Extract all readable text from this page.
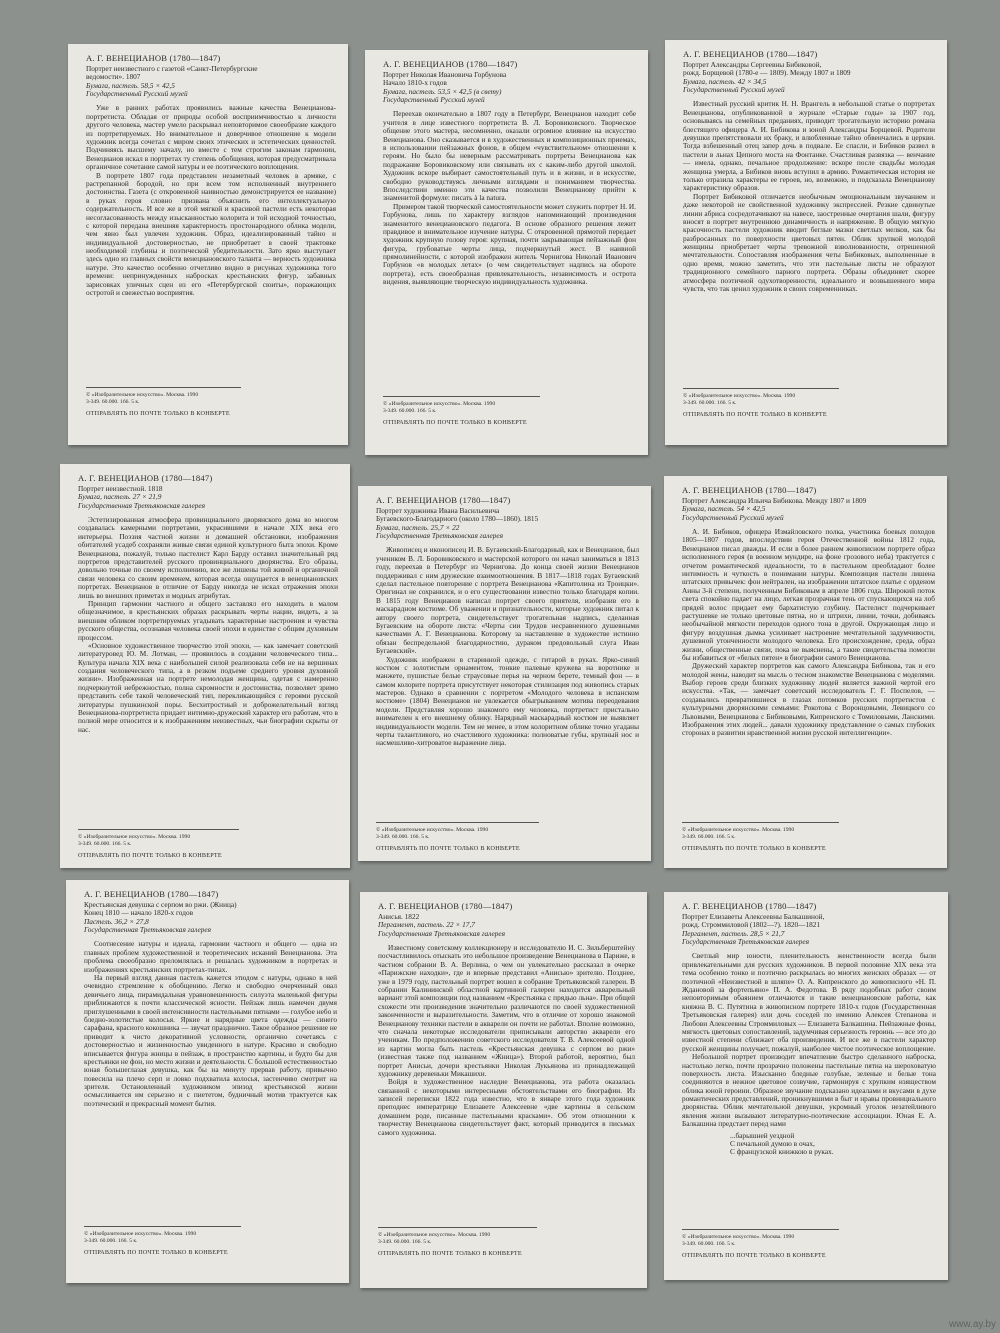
А. Г. ВЕНЕЦИАНОВ (1780—1847)
Портрет неизвестного с газетой «Санкт-Петербургские
ведомости». 1807
Бумага, пастель. 58,5 × 42,5
Государственный Русский музей

Уже в ранних работах проявились важные качества Венецианова-портретиста. Обладая от природы особой восприимчивостью к личности другого человека, мастер умело раскрывал неповторимое своеобразие каждого из портретируемых. Но внимательное и доверчивое отношение к модели художник всегда сочетал с миром своих этических и эстетических ценностей. Подчиняясь высшему началу, но вместе с тем строгим законам гармонии, Венецианов искал в портретах ту степень обобщения, которая предусматривала органичное сочетание самой натуры и ее поэтического воплощения.

В портрете 1807 года представлен незаметный человек в армяке, с растрепанной бородой, но при всем том исполненный внутреннего достоинства. Газета (с откровенной наивностью демонстрируется ее название) в руках героя словно призвана объяснить его интеллектуальную содержательность. И все же в этой мягкой и красивой пастели есть некоторая несогласованность между изысканностью колорита и той исходной точностью, с которой передана внешняя характерность простонародного облика модели, чем явно был увлечен художник. Образ, идеализированный тайно и индивидуальной достоверностью, не приобретает в своей трактовке необходимой глубины и поэтической убедительности. Зато ярко выступает здесь одно из главных свойств венециановского таланта — верность художника натуре. Это качество особенно отчетливо видно в рисунках художника того времени: непринужденных набросках крестьянских фигур, забавных зарисовках уличных сцен из его «Петербургской сюиты», поражающих остротой и свежестью восприятия.

© «Изобразительное искусство». Москва. 1990
3-349. 60.000. 166. 5 к.
ОТПРАВЛЯТЬ ПО ПОЧТЕ ТОЛЬКО В КОНВЕРТЕ
А. Г. ВЕНЕЦИАНОВ (1780—1847)
Портрет Николая Ивановича Горбунова
Начало 1810-х годов
Бумага, пастель. 53,5 × 42,5 (в свету)
Государственный Русский музей

Переехав окончательно в 1807 году в Петербург, Венецианов находит себе учителя в лице известного портретиста В. Л. Боровиковского. Творческое общение этого мастера, несомненно, оказали огромное влияние на искусство Венецианова. Оно сказывается и в художественных и композиционных приемах, в использовании пейзажных фонов, в общем «чувствительном» отношении к героям. Но было бы неверным рассматривать портреты Венецианова как подражание Боровиковскому или связывать их с каким-либо другой школой. Художник вскоре выбирает самостоятельный путь и в жизни, и в искусстве, свободно руководствуясь личными взглядами и пониманием творчества. Впоследствии именно эти качества позволили Венецианову прийти к знаменитой формуле: писать à la natura.

Примером такой творческой самостоятельности может служить портрет Н. И. Горбунова, лишь по характеру взглядов напоминающий произведения знаменитого венециановского педагога. В основе образного решения лежит правдивое и внимательное изучение натуры. С откровенной прямотой передает художник крупную голову героя: крупная, почти закрывающая пейзажный фон фигура, грубоватые черты лица, подчеркнутый жест. В наивной прямолинейности, с которой изображен житель Чернигова Николай Иванович Горбунов «в молодых летах» (о чем свидетельствует надпись на обороте портрета), есть своеобразная привлекательность, независимость и острота видения, выявляющие творческую индивидуальность художника.

© «Изобразительное искусство». Москва. 1990
3-349. 60.000. 166. 5 к.
ОТПРАВЛЯТЬ ПО ПОЧТЕ ТОЛЬКО В КОНВЕРТЕ
А. Г. ВЕНЕЦИАНОВ (1780—1847)
Портрет Александры Сергеевны Бибиковой,
рожд. Борщевой (1780-е — 1809). Между 1807 и 1809
Бумага, пастель. 42 × 34,5
Государственный Русский музей

Известный русский критик Н. Н. Врангель в небольшой статье о портретах Венецианова, опубликованной в журнале «Старые годы» за 1907 год, основываясь на семейных преданиях, приводит трогательную историю романа блестящего офицера А. И. Бибикова и юной Александры Борщевой. Родители девушки препятствовали их браку, и влюбленные тайно обвенчались в церкви. Тогда взбешенный отец запер дочь в подвале. Ее спасли, и Бибиков развел в пастели в льнах Цепного моста на Фонтанке. Счастливая развязка — венчание — имела, однако, печальное продолжение: вскоре после свадьбы молодая женщина умерла, а Бибиков вновь вступил в армию. Романтическая история не только отразила характеры ее героев, но, возможно, и подсказала Венецианову характеристику образов.

Портрет Бибиковой отличается необычным эмоциональным звучанием и даже некоторой не свойственной художнику экспрессией. Резкие сдвинутые линии абриса сосредотачивают на навесе, заостренные очертания шали, фигуру вносят в портрет внутреннюю динамичность и напряжение. В общую мягкую красочность пастели художник вводит беглые мазки светлых мелков, как бы разбросанных по поверхности цветовых пятен. Облик хрупкой молодой женщины приобретает черты тревожной взволнованности, отрешенной мечтательности. Сопоставляя изображения четы Бибиковых, выполненные в одно время, можно заметить, что эти пастельные листы не образуют традиционного семейного парного портрета. Образы объединяет скорее атмосфера поэтичной одухотворенности, идеального и возвышенного мира чувств, что так ценил художник в своих современниках.

© «Изобразительное искусство». Москва. 1990
3-349. 60.000. 166. 5 к.
ОТПРАВЛЯТЬ ПО ПОЧТЕ ТОЛЬКО В КОНВЕРТЕ
А. Г. ВЕНЕЦИАНОВ (1780—1847)
Портрет неизвестной. 1818
Бумага, пастель. 27 × 21,9
Государственная Третьяковская галерея

Эстетизированная атмосфера провинциального дворянского дома во многом создавалась камерными портретами, украсившими в начале XIX века его интерьеры. Поэзия частной жизни и домашней обстановки, изображения обитателей усадеб сохраняли живые связи единой культурного быта эпохи. Кроме Венецианова, пожалуй, только пастелист Карл Барду оставил значительный ряд портретов представителей русского провинциального дворянства. Его образы, довольно точные по своему исполнению, все же лишены той живой и органичной связи человека со своим временем, которая всегда ощущается в венециановских портретах. Венецианов в отличие от Барду никогда не искал отражения эпохи лишь во внешних приметах и модных атрибутах.

Принцип гармонии частного и общего заставлял его находить в малом общезначимое, в крестьянских образах раскрывать черты нации, видеть, а за внешним обликом портретируемых угадывать характерные настроения и чувства русского общества, осознавая человека своей эпохи в единстве с общим духовным процессом.

«Основное художественное творчество этой эпохи, — как замечает советский литературовед Ю. М. Лотман, — проявилось в создании человеческого типа... Культура начала XIX века с наибольшей силой реализовала себя не на вершинах создания человеческого типа, а в резком подъеме среднего уровня духовной жизни». Изображенная на портрете немолодая женщина, одетая с намеренно подчеркнутой небрежностью, полна скромности и достоинства, позволяет зримо представить себе такой человеческий тип, перекликающийся с героями русской литературы пушкинской поры. Бесхитростный и доброжелательный взгляд Венецианова-портретиста придает интимно-дружеский характер его работам, что в полной мере относится и к изображениям неизвестных, чьи биографии скрыты от нас.

© «Изобразительное искусство». Москва. 1990
3-349. 60.000. 166. 5 к.
ОТПРАВЛЯТЬ ПО ПОЧТЕ ТОЛЬКО В КОНВЕРТЕ
А. Г. ВЕНЕЦИАНОВ (1780—1847)
Портрет художника Ивана Васильевича
Бугаевского-Благодарного (около 1780—1860). 1815
Бумага, пастель. 25,7 × 22
Государственная Третьяковская галерея

Живописец и иконописец И. В. Бугаевский-Благодарный, как и Венецианов, был учеником В. Л. Боровиковского и мастерской которого он начал заниматься в 1813 году, переехав в Петербург из Чернигова. До конца своей жизни Венецианов поддерживал с ним дружеские взаимоотношения. В 1817—1818 годах Бугаевский сделал пастельное повторение с портрета Венецианова «Капитолина из Троицки». Оригинал не сохранился, и о его существовании известно только благодаря копии. В 1815 году Венецианов написал портрет своего приятеля, изобразив его в маскарадном костюме. Об уважении и признательности, которые художник питал к автору своего портрета, свидетельствует трогательная надпись, сделанная Бугаевским на обороте листа: «Черты сии Трудов несравненного душевными качествами А. Г. Венецианова. Которому за наставление в художестве истинно обязан беспредельной благодарностию, дураком предовольный слуга Иван Бугаевский».

Художник изображен в старинной одежде, с гитарой в руках. Ярко-синий костюм с золотистым орнаментом, тонкие палевые кружева на воротнике и манжете, пушистые белые страусовые перья на черном берете, темный фон — в самом колорите портрета присутствует некоторая стилизация под живопись старых мастеров. Однако в сравнении с портретом «Молодого человека в испанском костюме» (1804) Венецианов не увлекается обыгрыванием мотива переодевания модели. Представляя хорошо знакомого ему человека, портретист пристально внимателен к его внешнему облику. Нарядный маскарадный костюм не выявляет индивидуальности модели. Тем не менее, в этом колоритном облике точно угаданы черты талантливого, но счастливого художника: полноватые губы, крупный нос и насмешливо-хитроватое выражение лица.

© «Изобразительное искусство». Москва. 1990
3-349. 60.000. 166. 5 к.
ОТПРАВЛЯТЬ ПО ПОЧТЕ ТОЛЬКО В КОНВЕРТЕ
А. Г. ВЕНЕЦИАНОВ (1780—1847)
Портрет Александра Ильича Бибикова. Между 1807 и 1809
Бумага, пастель. 54 × 42,5
Государственный Русский музей

А. И. Бибиков, офицера Измайловского полка, участника боевых походов 1805—1807 годов, впоследствии героя Отечественной войны 1812 года, Венецианов писал дважды. И если в более раннем живописном портрете образ исполненного героя (в военном мундире, на фоне грозового неба) трактуется с отчетом романтической идеальности, то в пастельном преобладают более интимность и чуткость в понимании натуры. Композиция пастели лишена штатских привычек: фон нейтрален, на изображении штатское платье с орденом Анны 3-й степени, полученным Бибиковым в апреле 1806 года. Широкий поток света спокойно падает на лицо, легкая прозрачная тень от спускающихся на лоб прядей волос придает ему бархатистую глубину. Пастелист подчеркивает растушевке не только цветовые пятна, но и штрихи, линии, точки, добиваясь необычайной мягкости переходов одного тона в другой. Окружающая лицо и фигуру воздушная дымка усиливает настроение мечтательной задумчивости, душевной утонченности молодого человека. Его происхождение, среда, образ жизни, общественные связи, пока не выяснены, а такие свидетельства помогли бы избавиться от «белых пятен» в биографии самого Венецианова.

Дружеский характер портретов как самого Александра Бибикова, так и его молодой жены, наводит на мысль о тесном знакомстве Венецианова с моделями. Выбор героев среди близких художнику людей является важной чертой его искусства. «Так, — замечает советский исследователь Г. Г. Поспелов, — создавались превратившиеся в глазах потомков русских портретистов с культурными дворянскими семьями: Рокотова с Воронцовыми, Левицкого со Львовыми, Венецианова с Бибиковыми, Кипренского с Томиловыми, Ланскими. Изображения этих людей... давали художнику представление о самых глубоких сторонах в развитии нравственной жизни русской интеллигенции».

© «Изобразительное искусство». Москва. 1990
3-349. 60.000. 166. 5 к.
ОТПРАВЛЯТЬ ПО ПОЧТЕ ТОЛЬКО В КОНВЕРТЕ
А. Г. ВЕНЕЦИАНОВ (1780—1847)
Крестьянская девушка с серпом во ржи. (Жница)
Конец 1810 — начало 1820-х годов
Пастель. 36,2 × 27,8
Государственная Третьяковская галерея

Соотнесение натуры и идеала, гармонии частного и общего — одна из главных проблем художественной и теоретических исканий Венецианова. Эта проблема своеобразно преломлялась и решалась художником в портретах и изображениях крестьянских портретах-типах.

На первый взгляд данная пастель кажется этюдом с натуры, однако в ней очевидно стремление к обобщению. Легко и свободно очерченный овал девичьего лица, пирамидальная уравновешенность силуэта маленькой фигуры приближаются к почти классической ясности. Пейзаж лишь намечен двумя приглушенными в своей интенсивности пастельными пятнами — голубое небо и бледно-золотистые колосья. Яркие и нарядные цвета одежды — синего сарафана, красного кокошника — звучат празднично. Такое образное решение не приводит к чисто декоративной условности, органично сочетаясь с достоверностью и жизненностью увиденного в натуре. Красиво и свободно вписывается фигура жницы в пейзаж, в пространство картины, и будто бы для крестьянки не фон, но место жизни и деятельности. С большой естественностью юная большеглазая девушка, как бы на минуту прервав работу, привычно повесила на плечо серп и ловко подхватила колосья, застенчиво смотрит на зрителя. Остановленный художником эпизод крестьянской жизни осмысливается им серьезно и с пиететом, будничный мотив трактуется как поэтический и прекрасный момент бытия.

© «Изобразительное искусство». Москва. 1990
3-349. 60.000. 166. 5 к.
ОТПРАВЛЯТЬ ПО ПОЧТЕ ТОЛЬКО В КОНВЕРТЕ
А. Г. ВЕНЕЦИАНОВ (1780—1847)
Анисья. 1822
Пергамент, пастель. 22 × 17,7
Государственная Третьяковская галерея

Известному советскому коллекционеру и исследователю И. С. Зильберштейну посчастливилось отыскать это небольшое произведение Венецианова в Париже, в частном собрании В. А. Верлина, о чем он увлекательно рассказал в очерке «Парижские находки», где и впервые представил «Анисью» зрителю. Позднее, уже в 1979 году, пастельный портрет вошел в собрание Третьяковской галереи. В собрании Калининской областной картинной галереи находится акварельный вариант этой композиции под названием «Крестьянка с прядью льна». При общей схожести эти произведения значительно различаются по своей художественной законченности и выразительности. Заметим, что в отличие от хорошо знакомой Венецианову техники пастели в акварели он почти не работал. Вполне возможно, что сначала некоторые исследователи приписывали авторство акварели его ученикам. По предположению советского исследователя Т. В. Алексеевой одной из картин могла быть пастель «Крестьянская девушка с серпом во ржи» (известная также под названием «Жница»). Второй работой, вероятно, был портрет Анисьи, дочери крестьянки Николая Лукьянова из принадлежащей художнику деревеньки Микашихи.

Войдя в художественное наследие Венецианова, эта работа оказалась связанной с некоторыми интересными обстоятельствами его биографии. Из записей переписки 1822 года известно, что в январе этого года художник преподнес императрице Елизавете Алексеевне «две картины в сельском домашнем роде, писанные пастельными красками». Об этом отношении к творчеству Венецианова свидетельствует факт, который приводится в письмах самого художника.

© «Изобразительное искусство». Москва. 1990
3-349. 60.000. 166. 5 к.
ОТПРАВЛЯТЬ ПО ПОЧТЕ ТОЛЬКО В КОНВЕРТЕ
А. Г. ВЕНЕЦИАНОВ (1780—1847)
Портрет Елизаветы Алексеевны Балкашиной,
рожд. Строммиловой (1802—?). 1820—1821
Пергамент, пастель. 28,5 × 21,7
Государственная Третьяковская галерея

Светлый мир юности, пленительность женственности всегда были привлекательными для русских художников. В первой половине XIX века эта тема особенно тонко и поэтично раскрылась во многих женских образах — от поэтичной «Неизвестной в шляпе» О. А. Кипренского до живописного «Н. П. Ждановой за фортепьяно» П. А. Федотова. В ряду подобных работ своим неповторимым обаянием отличаются и такие венециановские работы, как княжна В. С. Путятина в живописном портрете 1810-х годов (Государственная Третьяковская галерея) или дочь соседей по имению Алексея Степанова и Любови Алексеевны Строммиловых — Елизавета Балкашина. Пейзажные фоны, мягкость цветовых сопоставлений, задумчивая серьезность героинь — все это до известной степени сближает оба произведения. И все же в пастели характер русской женщины получает, пожалуй, наиболее чистое поэтическое воплощение.

Небольшой портрет производит впечатление быстро сделанного наброска, настолько легко, почти прозрачно положены пастельные пятна на шероховатую поверхность листа. Изысканно бледные голубые, зеленые и белые тона соединяются в нежное цветовое созвучие, гармонируя с хрупким изяществом облика юной героини. Образное звучание подсказано идеалами и вкусами в духе романтических представлений, проникнувшими в быт и нравы провинциального дворянства. Облик мечтательной девушки, укромный уголок незатейливого явления жизни вызывают литературно-поэтические ассоциации. Юная Е. А. Балкашина предстает перед нами

...барышней уездной
С печальной думою в очах,
С французской книжкою в руках.
© «Изобразительное искусство». Москва. 1990
3-349. 60.000. 166. 5 к.
ОТПРАВЛЯТЬ ПО ПОЧТЕ ТОЛЬКО В КОНВЕРТЕ
www.ay.by
